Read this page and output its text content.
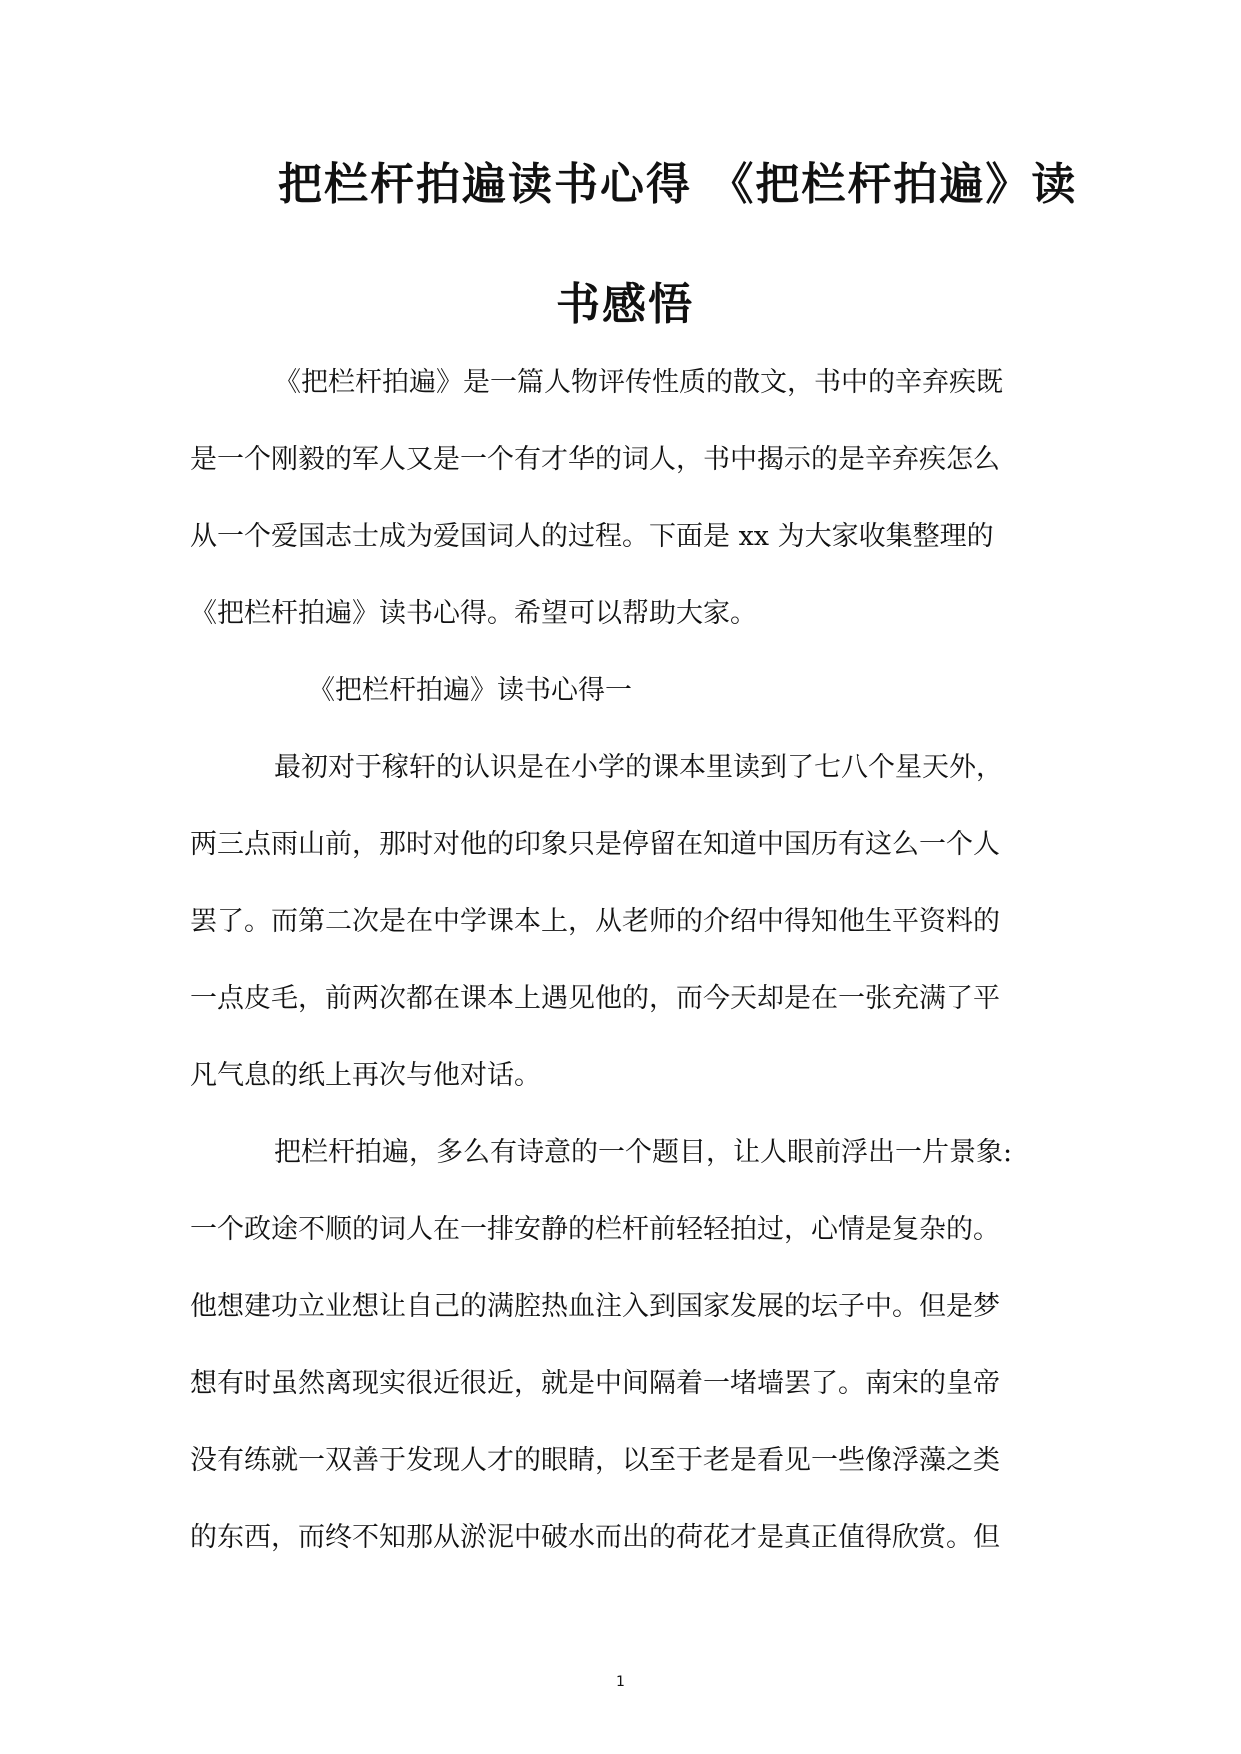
把栏杆拍遍读书心得 《把栏杆拍遍》读
书感悟
《把栏杆拍遍》是一篇人物评传性质的散文，书中的辛弃疾既
是一个刚毅的军人又是一个有才华的词人，书中揭示的是辛弃疾怎么
从一个爱国志士成为爱国词人的过程。下面是 xx 为大家收集整理的
《把栏杆拍遍》读书心得。希望可以帮助大家。
《把栏杆拍遍》读书心得一
最初对于稼轩的认识是在小学的课本里读到了七八个星天外，
两三点雨山前，那时对他的印象只是停留在知道中国历有这么一个人
罢了。而第二次是在中学课本上，从老师的介绍中得知他生平资料的
一点皮毛，前两次都在课本上遇见他的，而今天却是在一张充满了平
凡气息的纸上再次与他对话。
把栏杆拍遍，多么有诗意的一个题目，让人眼前浮出一片景象:
一个政途不顺的词人在一排安静的栏杆前轻轻拍过，心情是复杂的。
他想建功立业想让自己的满腔热血注入到国家发展的坛子中。但是梦
想有时虽然离现实很近很近，就是中间隔着一堵墙罢了。南宋的皇帝
没有练就一双善于发现人才的眼睛，以至于老是看见一些像浮藻之类
的东西，而终不知那从淤泥中破水而出的荷花才是真正值得欣赏。但
1
